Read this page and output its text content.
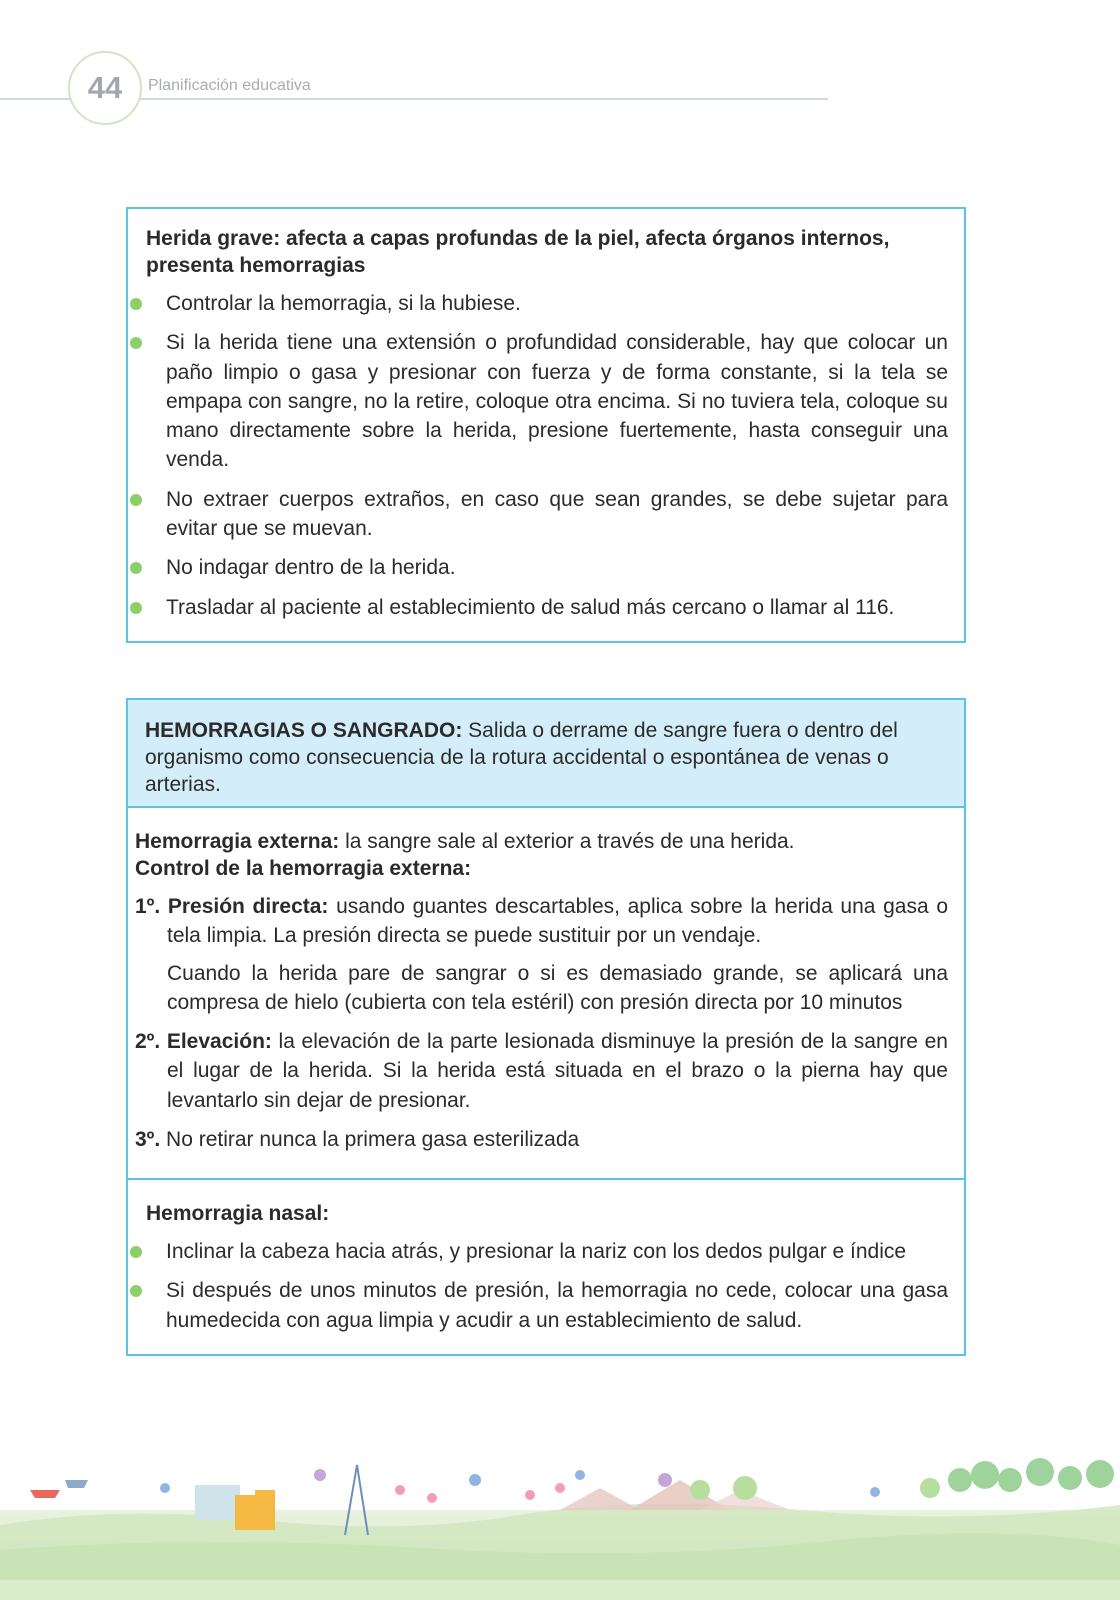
44	Planificación educativa
Herida grave: afecta a capas profundas de la piel, afecta órganos internos, presenta hemorragias
Controlar la hemorragia, si la hubiese.
Si la herida tiene una extensión o profundidad considerable, hay que colocar un paño limpio o gasa y presionar con fuerza y de forma constante, si la tela se empapa con sangre, no la retire, coloque otra encima. Si no tuviera tela, coloque su mano directamente sobre la herida, presione fuertemente, hasta conseguir una venda.
No extraer cuerpos extraños, en caso que sean grandes, se debe sujetar para evitar que se muevan.
No indagar dentro de la herida.
Trasladar al paciente al establecimiento de salud más cercano o llamar al 116.
HEMORRAGIAS O SANGRADO: Salida o derrame de sangre fuera o dentro del organismo como consecuencia de la rotura accidental o espontánea de venas o arterias.
Hemorragia externa: la sangre sale al exterior a través de una herida.
Control de la hemorragia externa:
1º. Presión directa: usando guantes descartables, aplica sobre la herida una gasa o tela limpia. La presión directa se puede sustituir por un vendaje.
Cuando la herida pare de sangrar o si es demasiado grande, se aplicará una compresa de hielo (cubierta con tela estéril) con presión directa por 10 minutos
2º. Elevación: la elevación de la parte lesionada disminuye la presión de la sangre en el lugar de la herida. Si la herida está situada en el brazo o la pierna hay que levantarlo sin dejar de presionar.
3º. No retirar nunca la primera gasa esterilizada
Hemorragia nasal:
Inclinar la cabeza hacia atrás, y presionar la nariz con los dedos pulgar e índice
Si después de unos minutos de presión, la hemorragia no cede, colocar una gasa humedecida con agua limpia y acudir a un establecimiento de salud.
